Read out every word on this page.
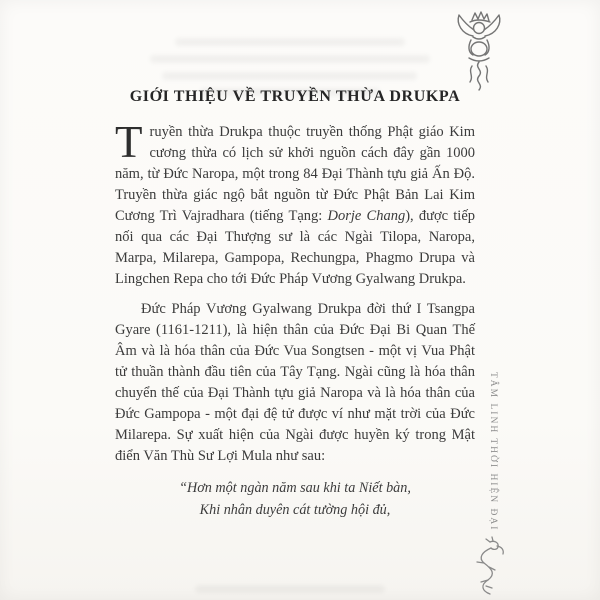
GIỚI THIỆU VỀ TRUYỀN THỪA DRUKPA

Truyền thừa Drukpa thuộc truyền thống Phật giáo Kim cương thừa có lịch sử khởi nguồn cách đây gần 1000 năm, từ Đức Naropa, một trong 84 Đại Thành tựu giả Ấn Độ. Truyền thừa giác ngộ bắt nguồn từ Đức Phật Bản Lai Kim Cương Trì Vajradhara (tiếng Tạng: Dorje Chang), được tiếp nối qua các Đại Thượng sư là các Ngài Tilopa, Naropa, Marpa, Milarepa, Gampopa, Rechungpa, Phagmo Drupa và Lingchen Repa cho tới Đức Pháp Vương Gyalwang Drukpa.

Đức Pháp Vương Gyalwang Drukpa đời thứ I Tsangpa Gyare (1161-1211), là hiện thân của Đức Đại Bi Quan Thế Âm và là hóa thân của Đức Vua Songtsen - một vị Vua Phật tử thuần thành đầu tiên của Tây Tạng. Ngài cũng là hóa thân chuyển thế của Đại Thành tựu giả Naropa và là hóa thân của Đức Gampopa - một đại đệ tử được ví như mặt trời của Đức Milarepa. Sự xuất hiện của Ngài được huyền ký trong Mật điển Văn Thù Sư Lợi Mula như sau:

“Hơn một ngàn năm sau khi ta Niết bàn,
Khi nhân duyên cát tường hội đủ,	TÂM LINH THỜI HIỆN ĐẠI
